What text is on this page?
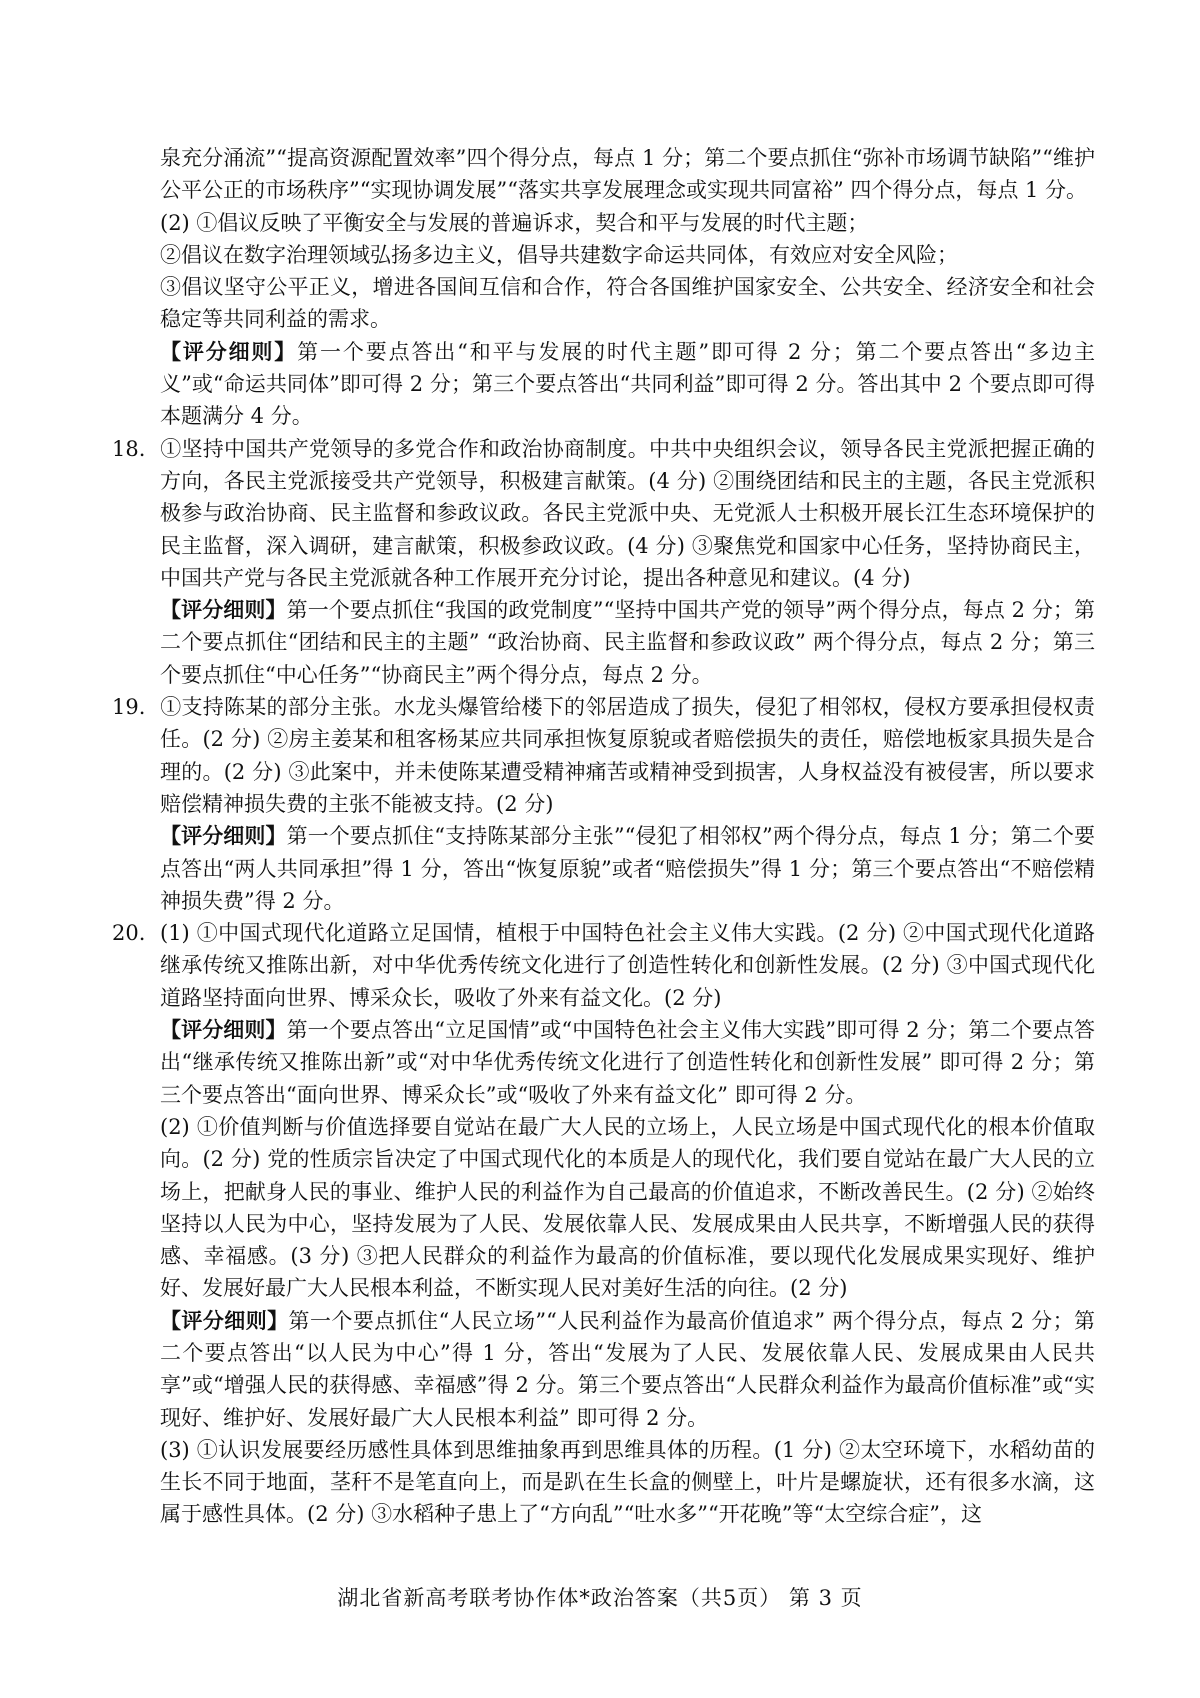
泉充分涌流”“提高资源配置效率”四个得分点，每点 1 分；第二个要点抓住“弥补市场调节缺陷”“维护公平公正的市场秩序”“实现协调发展”“落实共享发展理念或实现共同富裕” 四个得分点，每点 1 分。

(2) ①倡议反映了平衡安全与发展的普遍诉求，契合和平与发展的时代主题；

②倡议在数字治理领域弘扬多边主义，倡导共建数字命运共同体，有效应对安全风险；

③倡议坚守公平正义，增进各国间互信和合作，符合各国维护国家安全、公共安全、经济安全和社会稳定等共同利益的需求。

【评分细则】第一个要点答出“和平与发展的时代主题”即可得 2 分；第二个要点答出“多边主义”或“命运共同体”即可得 2 分；第三个要点答出“共同利益”即可得 2 分。答出其中 2 个要点即可得本题满分 4 分。

18. ①坚持中国共产党领导的多党合作和政治协商制度。中共中央组织会议，领导各民主党派把握正确的方向，各民主党派接受共产党领导，积极建言献策。(4 分) ②围绕团结和民主的主题，各民主党派积极参与政治协商、民主监督和参政议政。各民主党派中央、无党派人士积极开展长江生态环境保护的民主监督，深入调研，建言献策，积极参政议政。(4 分) ③聚焦党和国家中心任务，坚持协商民主，中国共产党与各民主党派就各种工作展开充分讨论，提出各种意见和建议。(4 分)

【评分细则】第一个要点抓住“我国的政党制度”“坚持中国共产党的领导”两个得分点，每点 2 分；第二个要点抓住“团结和民主的主题” “政治协商、民主监督和参政议政” 两个得分点，每点 2 分；第三个要点抓住“中心任务”“协商民主”两个得分点，每点 2 分。

19. ①支持陈某的部分主张。水龙头爆管给楼下的邻居造成了损失，侵犯了相邻权，侵权方要承担侵权责任。(2 分) ②房主姜某和租客杨某应共同承担恢复原貌或者赔偿损失的责任，赔偿地板家具损失是合理的。(2 分) ③此案中，并未使陈某遭受精神痛苦或精神受到损害，人身权益没有被侵害，所以要求赔偿精神损失费的主张不能被支持。(2 分)

【评分细则】第一个要点抓住“支持陈某部分主张”“侵犯了相邻权”两个得分点，每点 1 分；第二个要点答出“两人共同承担”得 1 分，答出“恢复原貌”或者“赔偿损失”得 1 分；第三个要点答出“不赔偿精神损失费”得 2 分。

20. (1) ①中国式现代化道路立足国情，植根于中国特色社会主义伟大实践。(2 分) ②中国式现代化道路继承传统又推陈出新，对中华优秀传统文化进行了创造性转化和创新性发展。(2 分) ③中国式现代化道路坚持面向世界、博采众长，吸收了外来有益文化。(2 分)

【评分细则】第一个要点答出“立足国情”或“中国特色社会主义伟大实践”即可得 2 分；第二个要点答出“继承传统又推陈出新”或“对中华优秀传统文化进行了创造性转化和创新性发展” 即可得 2 分；第三个要点答出“面向世界、博采众长”或“吸收了外来有益文化” 即可得 2 分。

(2) ①价值判断与价值选择要自觉站在最广大人民的立场上，人民立场是中国式现代化的根本价值取向。(2 分) 党的性质宗旨决定了中国式现代化的本质是人的现代化，我们要自觉站在最广大人民的立场上，把献身人民的事业、维护人民的利益作为自己最高的价值追求，不断改善民生。(2 分) ②始终坚持以人民为中心，坚持发展为了人民、发展依靠人民、发展成果由人民共享，不断增强人民的获得感、幸福感。(3 分) ③把人民群众的利益作为最高的价值标准，要以现代化发展成果实现好、维护好、发展好最广大人民根本利益，不断实现人民对美好生活的向往。(2 分)

【评分细则】第一个要点抓住“人民立场”“人民利益作为最高价值追求” 两个得分点，每点 2 分；第二个要点答出“以人民为中心”得 1 分，答出“发展为了人民、发展依靠人民、发展成果由人民共享”或“增强人民的获得感、幸福感”得 2 分。第三个要点答出“人民群众利益作为最高价值标准”或“实现好、维护好、发展好最广大人民根本利益” 即可得 2 分。

(3) ①认识发展要经历感性具体到思维抽象再到思维具体的历程。(1 分) ②太空环境下，水稻幼苗的生长不同于地面，茎秆不是笔直向上，而是趴在生长盒的侧壁上，叶片是螺旋状，还有很多水滴，这属于感性具体。(2 分) ③水稻种子患上了“方向乱”“吐水多”“开花晚”等“太空综合症”，这

湖北省新高考联考协作体*政治答案（共5页） 第 3 页
